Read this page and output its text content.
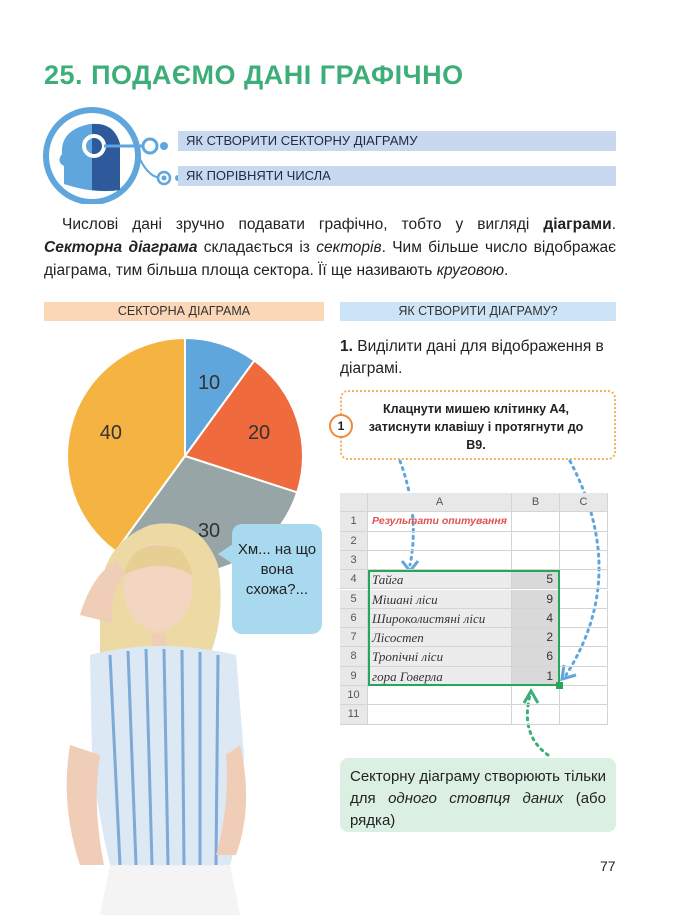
25. ПОДАЄМО ДАНІ ГРАФІЧНО
ЯК СТВОРИТИ СЕКТОРНУ ДІАГРАМУ
ЯК ПОРІВНЯТИ ЧИСЛА

Числові дані зручно подавати графічно, тобто у вигляді діаграми. Секторна діаграма складається із секторів. Чим більше число відображає діаграма, тим більша площа сектора. Її ще називають круговою.

СЕКТОРНА ДІАГРАМА	ЯК СТВОРИТИ ДІАГРАМУ?
10
20
30
40
Хм... на що вона схожа?...
1. Виділити дані для відображення в діаграмі.
1
Клацнути мишею клітинку А4, затиснути клавішу і протягнути до В9.
A	B	C
1	Результати опитування
2
3
4	Тайга	5
5	Мішані ліси	9
6	Широколистяні ліси	4
7	Лісостеп	2
8	Тропічні ліси	6
9	гора Говерла	1
10
11
Секторну діаграму створюють тільки для одного стовпця даних (або рядка)
77
